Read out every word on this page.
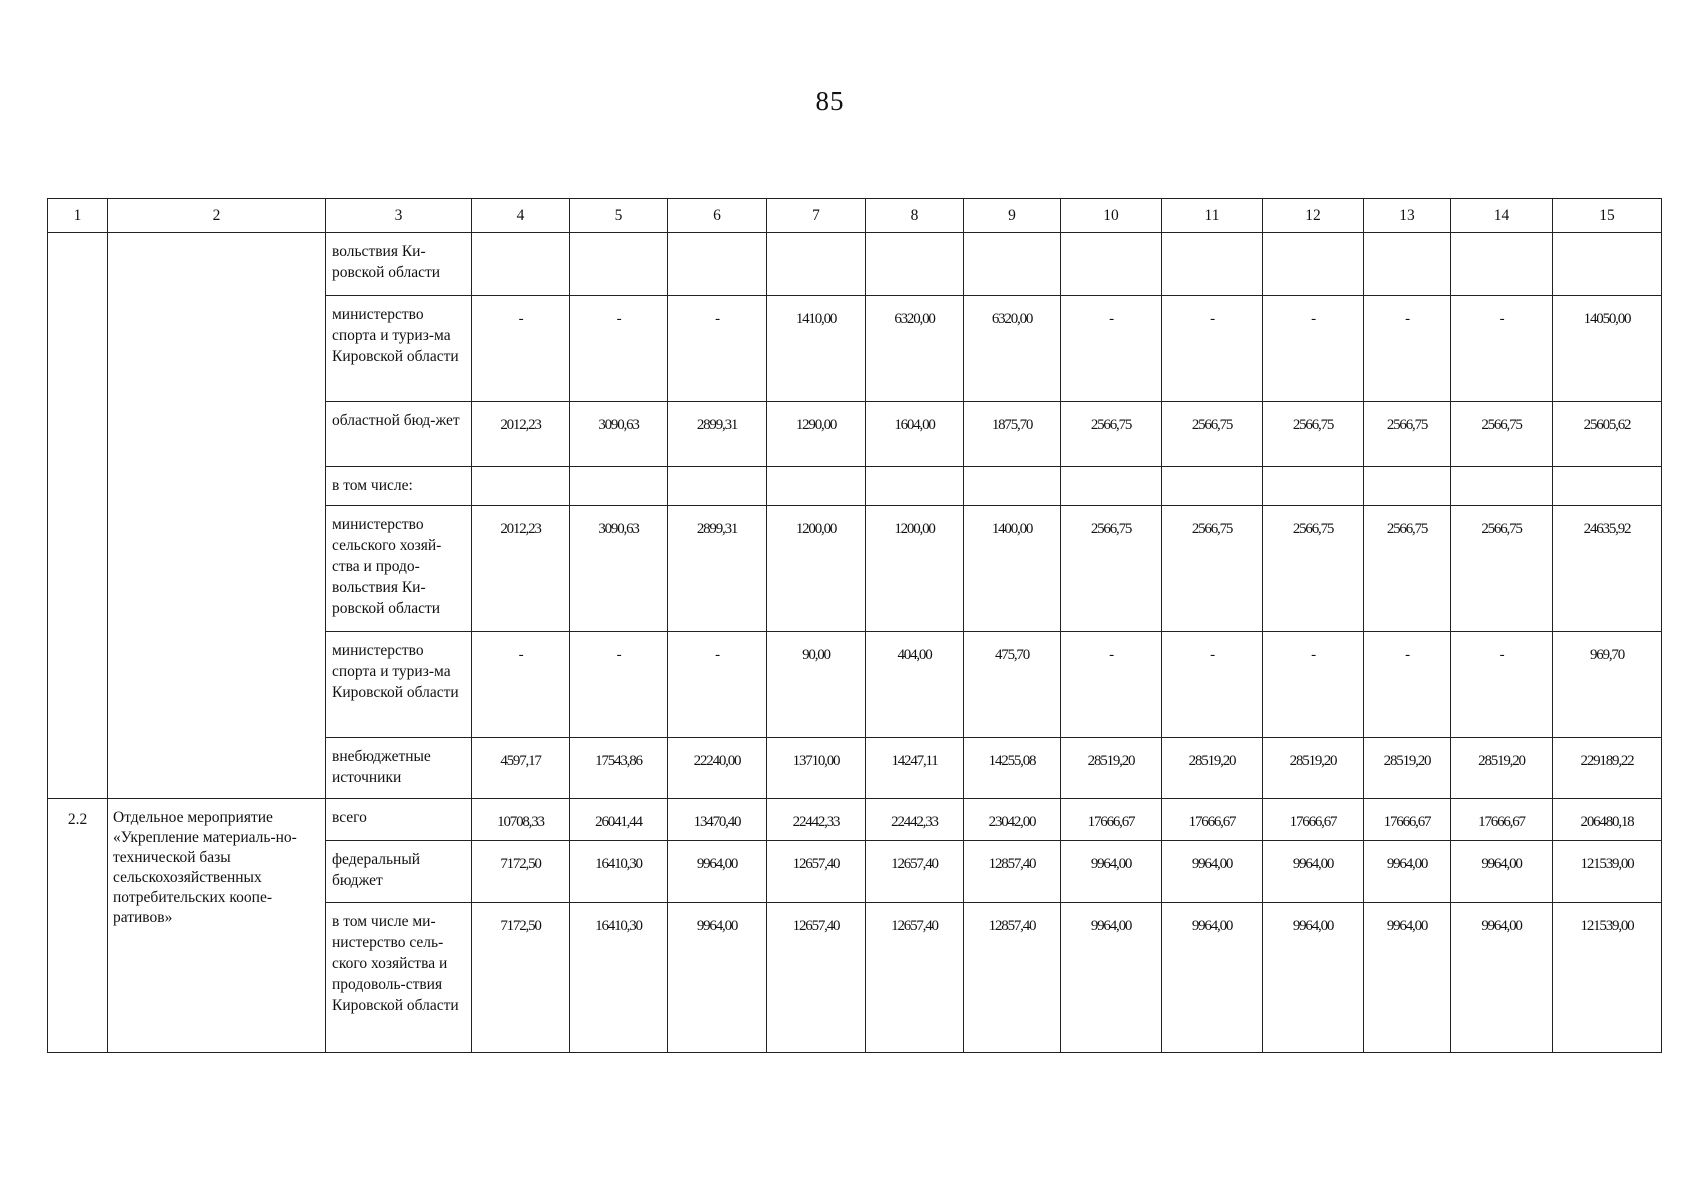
85
1	2	3	4	5	6	7	8	9	10	11	12	13	14	15
		вольствия Ки-ровской области												
		министерство спорта и туриз-ма Кировской области	-	-	-	1410,00	6320,00	6320,00	-	-	-	-	-	14050,00
		областной бюд-жет	2012,23	3090,63	2899,31	1290,00	1604,00	1875,70	2566,75	2566,75	2566,75	2566,75	2566,75	25605,62
		в том числе:												
		министерство сельского хозяй-ства и продо-вольствия Ки-ровской области	2012,23	3090,63	2899,31	1200,00	1200,00	1400,00	2566,75	2566,75	2566,75	2566,75	2566,75	24635,92
		министерство спорта и туриз-ма Кировской области	-	-	-	90,00	404,00	475,70	-	-	-	-	-	969,70
		внебюджетные источники	4597,17	17543,86	22240,00	13710,00	14247,11	14255,08	28519,20	28519,20	28519,20	28519,20	28519,20	229189,22
2.2	Отдельное мероприятие «Укрепление материаль-но-технической базы сельскохозяйственных потребительских коопе-ративов»	всего	10708,33	26041,44	13470,40	22442,33	22442,33	23042,00	17666,67	17666,67	17666,67	17666,67	17666,67	206480,18
		федеральный бюджет	7172,50	16410,30	9964,00	12657,40	12657,40	12857,40	9964,00	9964,00	9964,00	9964,00	9964,00	121539,00
		в том числе ми-нистерство сель-ского хозяйства и продоволь-ствия Кировской области	7172,50	16410,30	9964,00	12657,40	12657,40	12857,40	9964,00	9964,00	9964,00	9964,00	9964,00	121539,00
